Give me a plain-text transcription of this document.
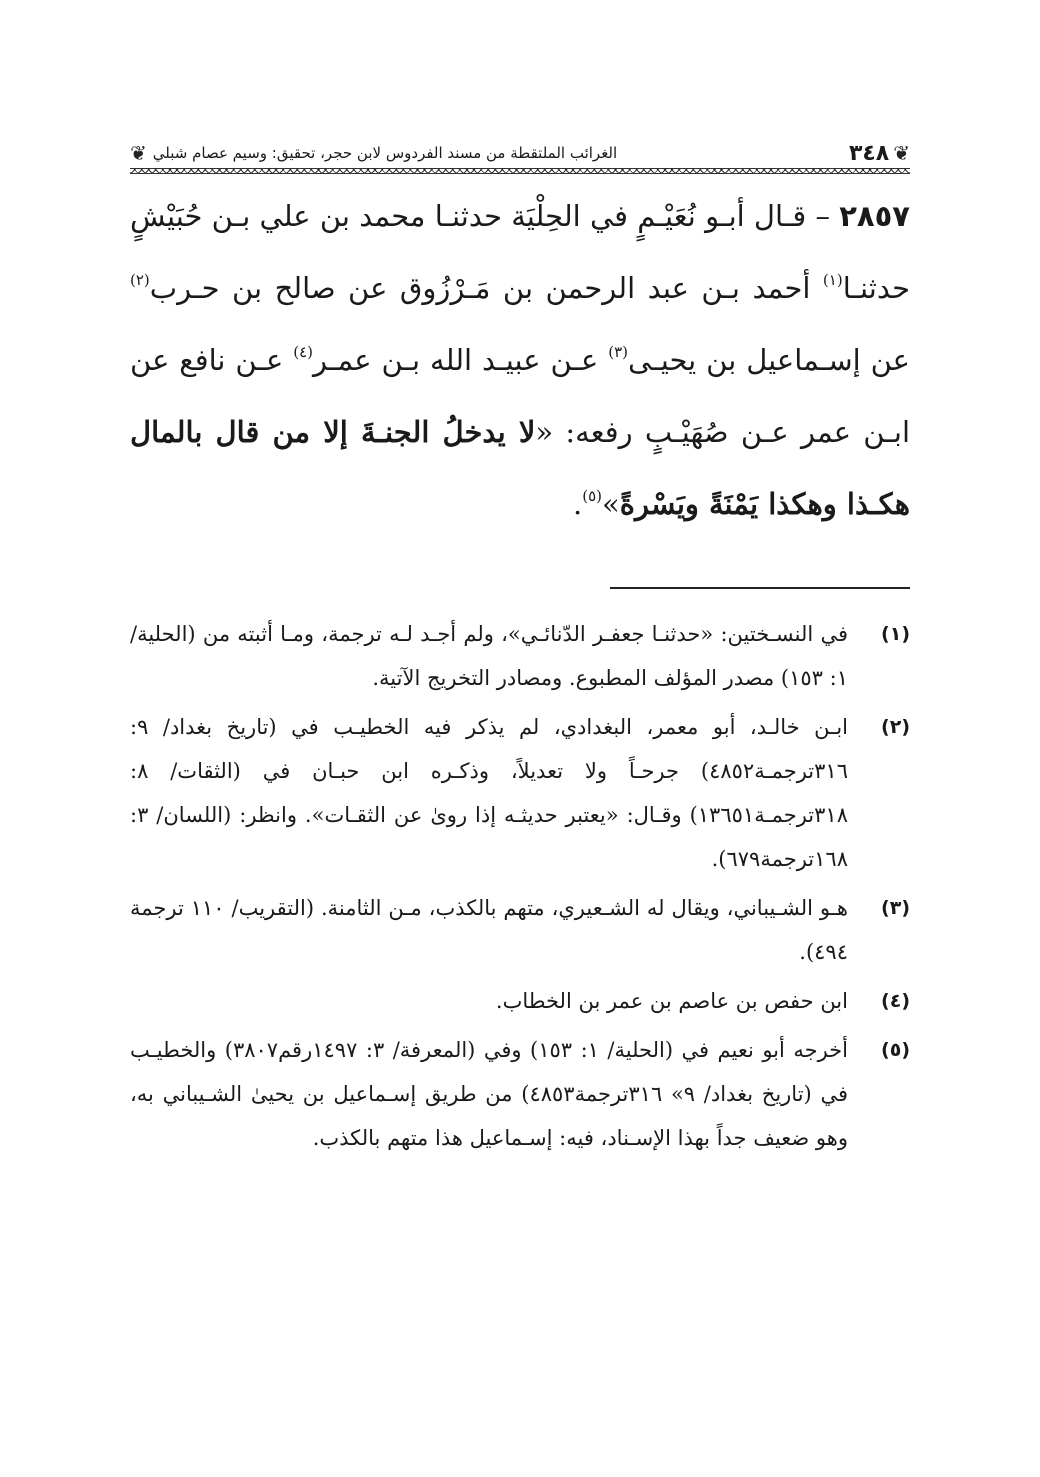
❦
٣٤٨
الغرائب الملتقطة من مسند الفردوس لابن حجر، تحقيق: وسيم عصام شبلي
❦

٢٨٥٧ – قـال أبـو نُعَيْـمٍ في الحِلْيَة حدثنـا محمد بن علي بـن حُبَيْشٍ حدثنـا$^{(١)}$ أحمد بـن عبد الرحمن بن مَـرْزُوق عن صالح بن حـرب$^{(٢)}$ عن إسـماعيل بن يحيـى$^{(٣)}$ عـن عبيـد الله بـن عمـر$^{(٤)}$ عـن نافع عن ابـن عمر عـن صُهَيْـبٍ رفعه: «لا يدخلُ الجنـةَ إلا من قال بالمال هكـذا وهكذا يَمْنَةً ويَسْرةً»$^{(٥)}$.

(١)
في النسـختين: «حدثنـا جعفـر الدّنائـي»، ولم أجـد لـه ترجمة، ومـا أثبته من (الحلية/ ١: ١٥٣) مصدر المؤلف المطبوع. ومصادر التخريج الآتية.
(٢)
ابـن خالـد، أبو معمر، البغدادي، لم يذكر فيه الخطيـب في (تاريخ بغداد/ ٩: ٣١٦ترجمـة٤٨٥٢) جرحـاً ولا تعديلاً، وذكـره ابن حبـان في (الثقات/ ٨: ٣١٨ترجمـة١٣٦٥١) وقـال: «يعتبر حديثـه إذا روىٰ عن الثقـات». وانظر: (اللسان/ ٣: ١٦٨ترجمة٦٧٩).
(٣)
هـو الشـيباني، ويقال له الشـعيري، متهم بالكذب، مـن الثامنة. (التقريب/ ١١٠ ترجمة ٤٩٤).
(٤)
ابن حفص بن عاصم بن عمر بن الخطاب.
(٥)
أخرجه أبو نعيم في (الحلية/ ١: ١٥٣) وفي (المعرفة/ ٣: ١٤٩٧رقم٣٨٠٧) والخطيـب في (تاريخ بغداد/ ٩» ٣١٦ترجمة٤٨٥٣) من طريق إسـماعيل بن يحيىٰ الشـيباني به، وهو ضعيف جداً بهذا الإسـناد، فيه: إسـماعيل هذا متهم بالكذب.
